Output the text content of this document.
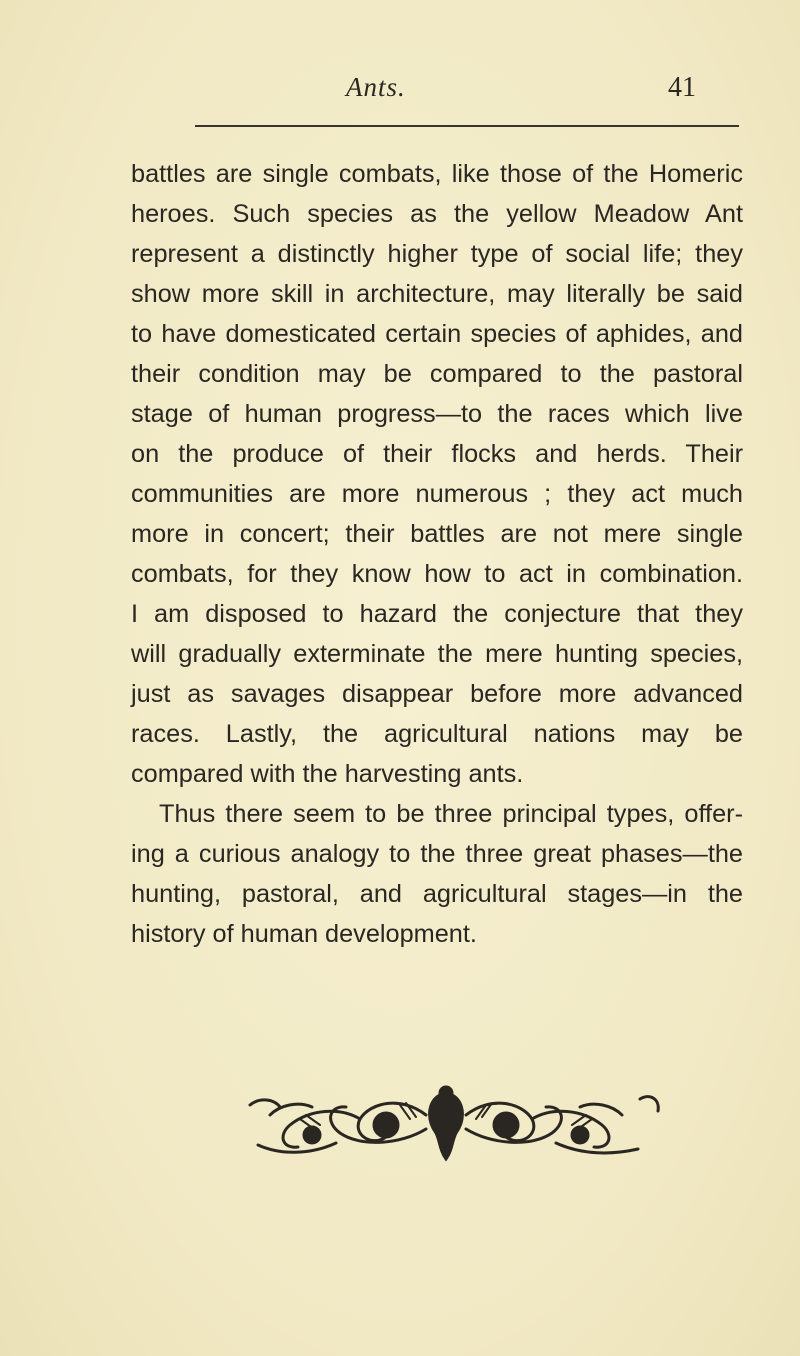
Ants.	41
battles are single combats, like those of the Homeric
heroes. Such species as the yellow Meadow Ant
represent a distinctly higher type of social life; they
show more skill in architecture, may literally be said
to have domesticated certain species of aphides, and
their condition may be compared to the pastoral
stage of human progress—to the races which live
on the produce of their flocks and herds. Their
communities are more numerous ; they act much
more in concert; their battles are not mere single
combats, for they know how to act in combination.
I am disposed to hazard the conjecture that they
will gradually exterminate the mere hunting species,
just as savages disappear before more advanced
races. Lastly, the agricultural nations may be
compared with the harvesting ants.
Thus there seem to be three principal types, offer-
ing a curious analogy to the three great phases—the
hunting, pastoral, and agricultural stages—in the
history of human development.
